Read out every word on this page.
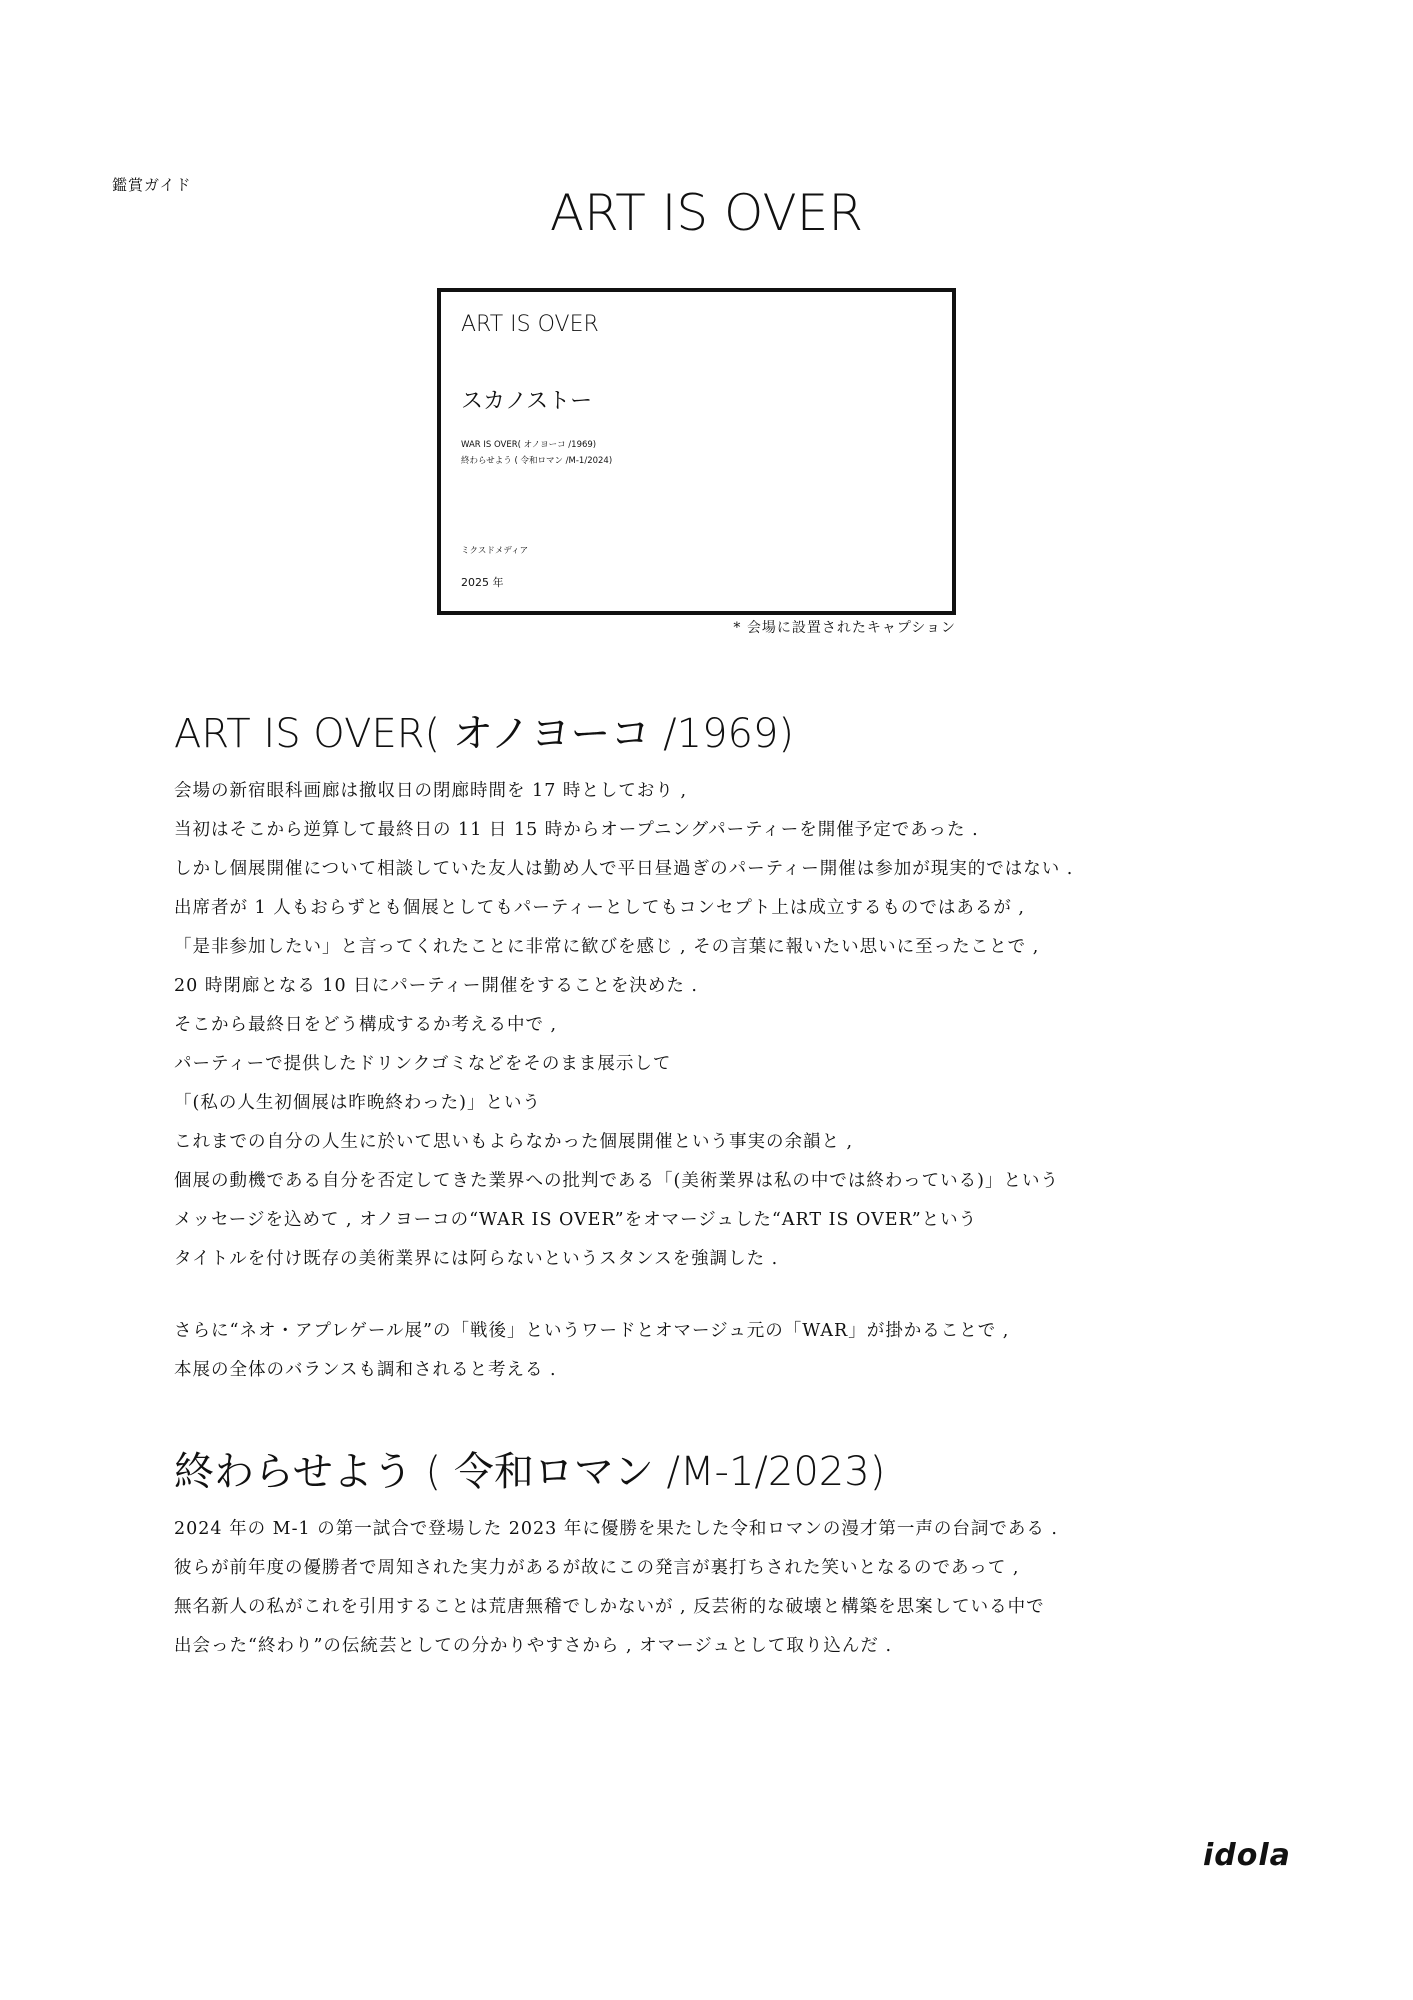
鑑賞ガイド	ART IS OVER
ART IS OVER
スカノストー
WAR IS OVER( オノヨーコ /1969)
終わらせよう ( 令和ロマン /M-1/2024)
ミクスドメディア
2025 年
* 会場に設置されたキャプション
ART IS OVER( オノヨーコ /1969)
会場の新宿眼科画廊は撤収日の閉廊時間を 17 時としており ,
当初はそこから逆算して最終日の 11 日 15 時からオープニングパーティーを開催予定であった .
しかし個展開催について相談していた友人は勤め人で平日昼過ぎのパーティー開催は参加が現実的ではない .
出席者が 1 人もおらずとも個展としてもパーティーとしてもコンセプト上は成立するものではあるが ,
「是非参加したい」と言ってくれたことに非常に歓びを感じ , その言葉に報いたい思いに至ったことで ,
20 時閉廊となる 10 日にパーティー開催をすることを決めた .
そこから最終日をどう構成するか考える中で ,
パーティーで提供したドリンクゴミなどをそのまま展示して
「(私の人生初個展は昨晩終わった)」という
これまでの自分の人生に於いて思いもよらなかった個展開催という事実の余韻と ,
個展の動機である自分を否定してきた業界への批判である「(美術業界は私の中では終わっている)」という
メッセージを込めて , オノヨーコの“WAR IS OVER”をオマージュした“ART IS OVER”という
タイトルを付け既存の美術業界には阿らないというスタンスを強調した .
さらに“ネオ・アプレゲール展”の「戦後」というワードとオマージュ元の「WAR」が掛かることで ,
本展の全体のバランスも調和されると考える .
終わらせよう ( 令和ロマン /M-1/2023)
2024 年の M-1 の第一試合で登場した 2023 年に優勝を果たした令和ロマンの漫才第一声の台詞である .
彼らが前年度の優勝者で周知された実力があるが故にこの発言が裏打ちされた笑いとなるのであって ,
無名新人の私がこれを引用することは荒唐無稽でしかないが , 反芸術的な破壊と構築を思案している中で
出会った“終わり”の伝統芸としての分かりやすさから , オマージュとして取り込んだ .
idola
